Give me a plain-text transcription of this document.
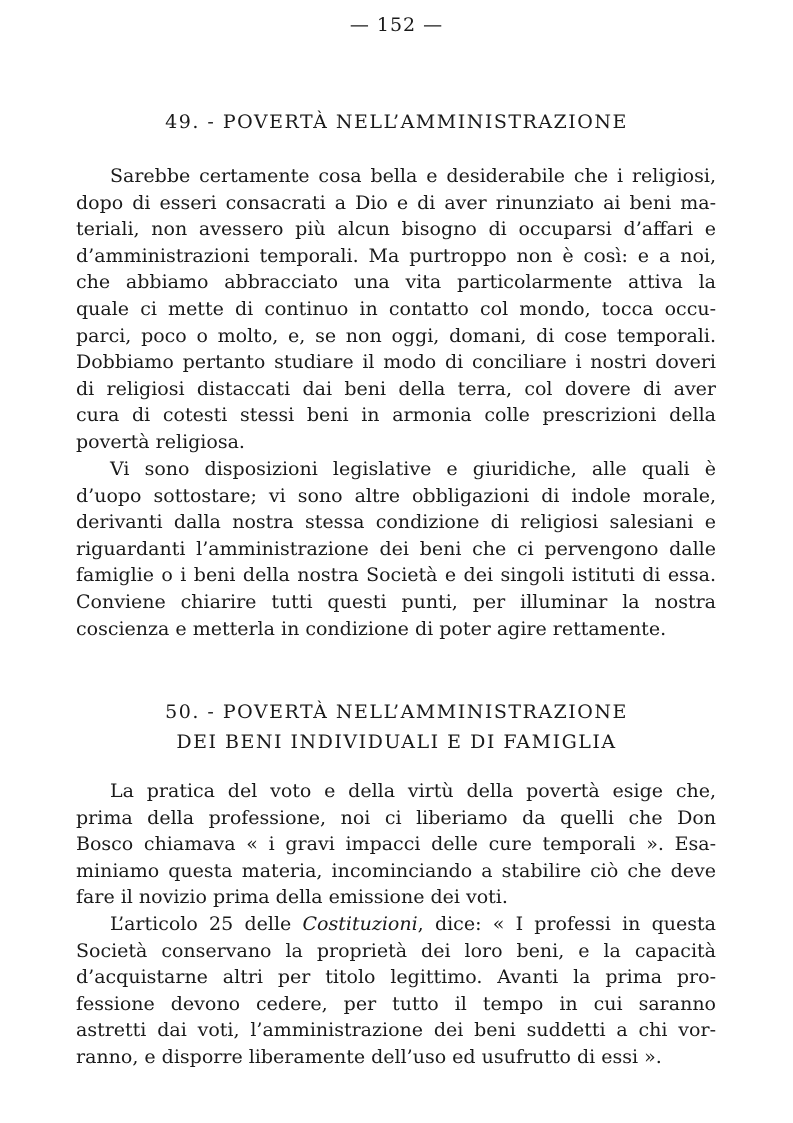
— 152 —
49. - POVERTÀ NELL’AMMINISTRAZIONE
Sarebbe certamente cosa bella e desiderabile che i religiosi,
dopo di esseri consacrati a Dio e di aver rinunziato ai beni ma-
teriali, non avessero più alcun bisogno di occuparsi d’affari e
d’amministrazioni temporali. Ma purtroppo non è così: e a noi,
che abbiamo abbracciato una vita particolarmente attiva la
quale ci mette di continuo in contatto col mondo, tocca occu-
parci, poco o molto, e, se non oggi, domani, di cose temporali.
Dobbiamo pertanto studiare il modo di conciliare i nostri doveri
di religiosi distaccati dai beni della terra, col dovere di aver
cura di cotesti stessi beni in armonia colle prescrizioni della
povertà religiosa.
Vi sono disposizioni legislative e giuridiche, alle quali è
d’uopo sottostare; vi sono altre obbligazioni di indole morale,
derivanti dalla nostra stessa condizione di religiosi salesiani e
riguardanti l’amministrazione dei beni che ci pervengono dalle
famiglie o i beni della nostra Società e dei singoli istituti di essa.
Conviene chiarire tutti questi punti, per illuminar la nostra
coscienza e metterla in condizione di poter agire rettamente.
50. - POVERTÀ NELL’AMMINISTRAZIONE
DEI BENI INDIVIDUALI E DI FAMIGLIA
La pratica del voto e della virtù della povertà esige che,
prima della professione, noi ci liberiamo da quelli che Don
Bosco chiamava « i gravi impacci delle cure temporali ». Esa-
miniamo questa materia, incominciando a stabilire ciò che deve
fare il novizio prima della emissione dei voti.
L’articolo 25 delle Costituzioni, dice: « I professi in questa
Società conservano la proprietà dei loro beni, e la capacità
d’acquistarne altri per titolo legittimo. Avanti la prima pro-
fessione devono cedere, per tutto il tempo in cui saranno
astretti dai voti, l’amministrazione dei beni suddetti a chi vor-
ranno, e disporre liberamente dell’uso ed usufrutto di essi ».
